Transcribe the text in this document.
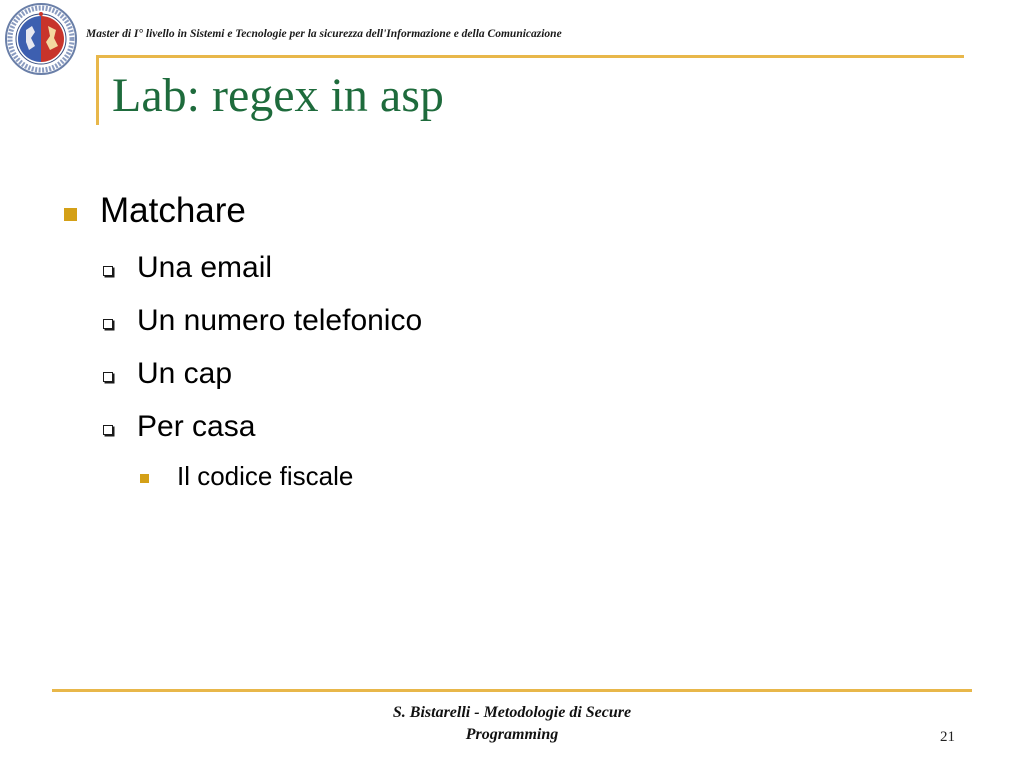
Master di I° livello in Sistemi e Tecnologie per la sicurezza dell'Informazione e della Comunicazione
Lab: regex in asp
Matchare
Una email
Un numero telefonico
Un cap
Per casa
Il codice fiscale
S. Bistarelli - Metodologie di Secure
Programming	21
